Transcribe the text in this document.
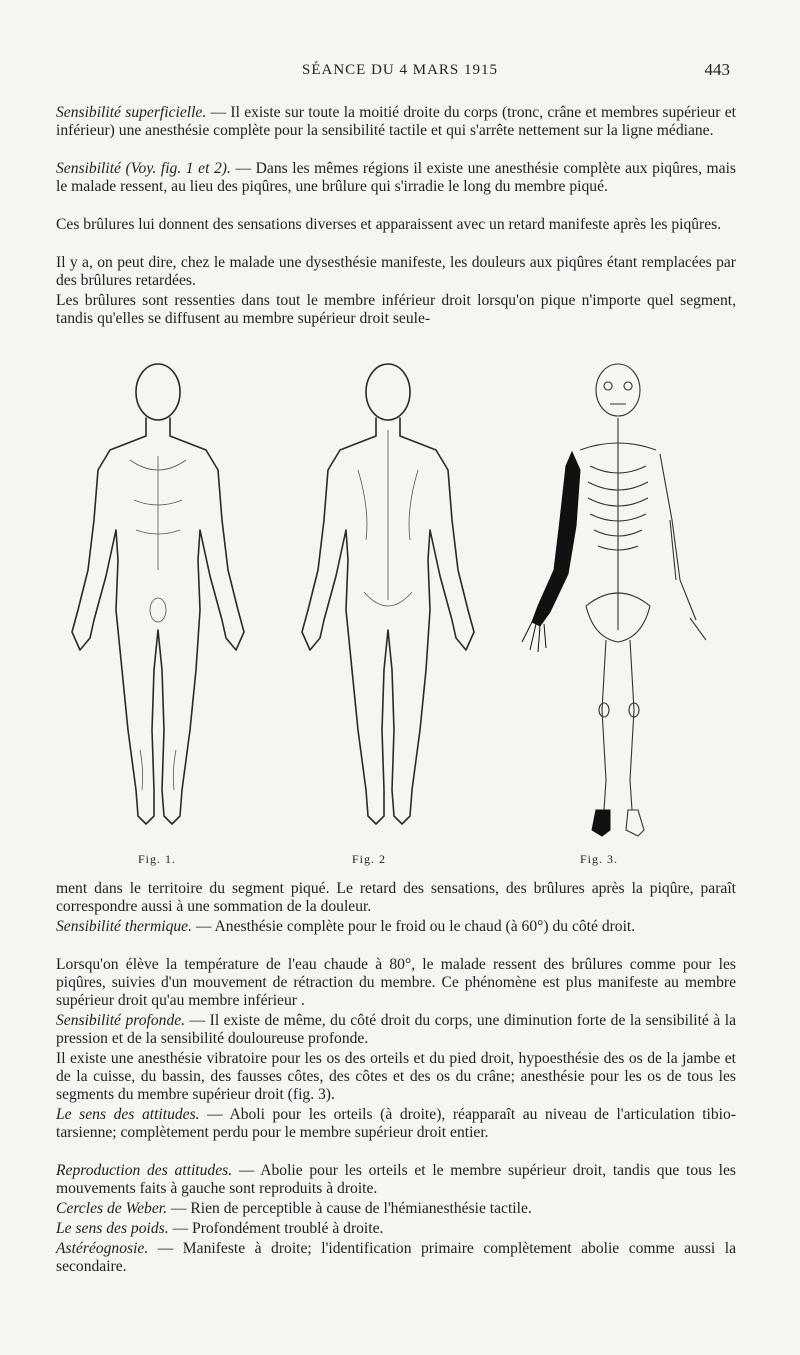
SÉANCE DU 4 MARS 1915	443

Sensibilité superficielle. — Il existe sur toute la moitié droite du corps (tronc, crâne et membres supérieur et inférieur) une anesthésie complète pour la sensibilité tactile et qui s'arrête nettement sur la ligne médiane.

Sensibilité (Voy. fig. 1 et 2). — Dans les mêmes régions il existe une anesthésie complète aux piqûres, mais le malade ressent, au lieu des piqûres, une brûlure qui s'irradie le long du membre piqué.

Ces brûlures lui donnent des sensations diverses et apparaissent avec un retard manifeste après les piqûres.

Il y a, on peut dire, chez le malade une dysesthésie manifeste, les douleurs aux piqûres étant remplacées par des brûlures retardées.

Les brûlures sont ressenties dans tout le membre inférieur droit lorsqu'on pique n'importe quel segment, tandis qu'elles se diffusent au membre supérieur droit seule-

Fig. 1.	Fig. 2	Fig. 3.

ment dans le territoire du segment piqué. Le retard des sensations, des brûlures après la piqûre, paraît correspondre aussi à une sommation de la douleur.

Sensibilité thermique. — Anesthésie complète pour le froid ou le chaud (à 60°) du côté droit.

Lorsqu'on élève la température de l'eau chaude à 80°, le malade ressent des brûlures comme pour les piqûres, suivies d'un mouvement de rétraction du membre. Ce phénomène est plus manifeste au membre supérieur droit qu'au membre inférieur .

Sensibilité profonde. — Il existe de même, du côté droit du corps, une diminution forte de la sensibilité à la pression et de la sensibilité douloureuse profonde.

Il existe une anesthésie vibratoire pour les os des orteils et du pied droit, hypoesthésie des os de la jambe et de la cuisse, du bassin, des fausses côtes, des côtes et des os du crâne; anesthésie pour les os de tous les segments du membre supérieur droit (fig. 3).

Le sens des attitudes. — Aboli pour les orteils (à droite), réapparaît au niveau de l'articulation tibio-tarsienne; complètement perdu pour le membre supérieur droit entier.

Reproduction des attitudes. — Abolie pour les orteils et le membre supérieur droit, tandis que tous les mouvements faits à gauche sont reproduits à droite.

Cercles de Weber. — Rien de perceptible à cause de l'hémianesthésie tactile.

Le sens des poids. — Profondément troublé à droite.

Astéréognosie. — Manifeste à droite; l'identification primaire complètement abolie comme aussi la secondaire.
